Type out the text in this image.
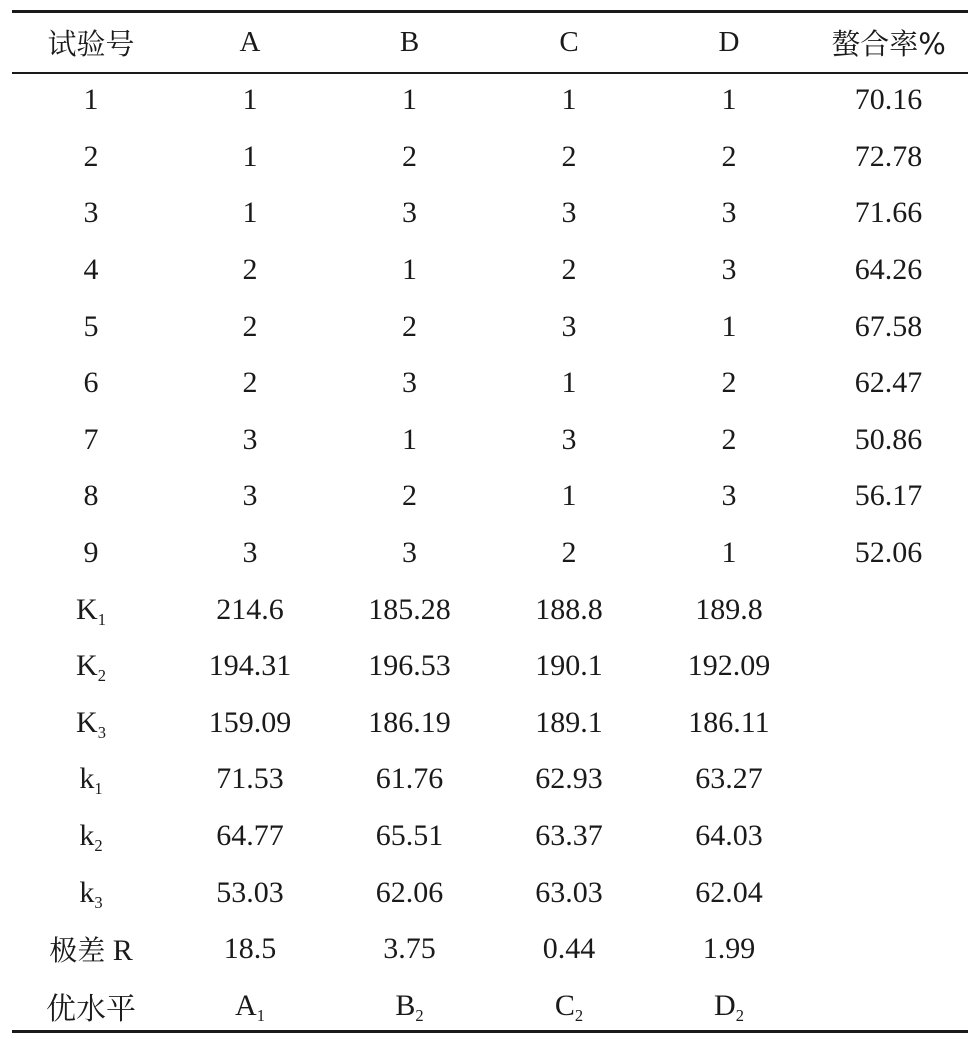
试验号	A	B	C	D	螯合率%
1	1	1	1	1	70.16
2	1	2	2	2	72.78
3	1	3	3	3	71.66
4	2	1	2	3	64.26
5	2	2	3	1	67.58
6	2	3	1	2	62.47
7	3	1	3	2	50.86
8	3	2	1	3	56.17
9	3	3	2	1	52.06
$K_1$	214.6	185.28	188.8	189.8	
$K_2$	194.31	196.53	190.1	192.09	
$K_3$	159.09	186.19	189.1	186.11	
$k_1$	71.53	61.76	62.93	63.27	
$k_2$	64.77	65.51	63.37	64.03	
$k_3$	53.03	62.06	63.03	62.04	
极差 R	18.5	3.75	0.44	1.99	
优水平	$A_1$	$B_2$	$C_2$	$D_2$	
